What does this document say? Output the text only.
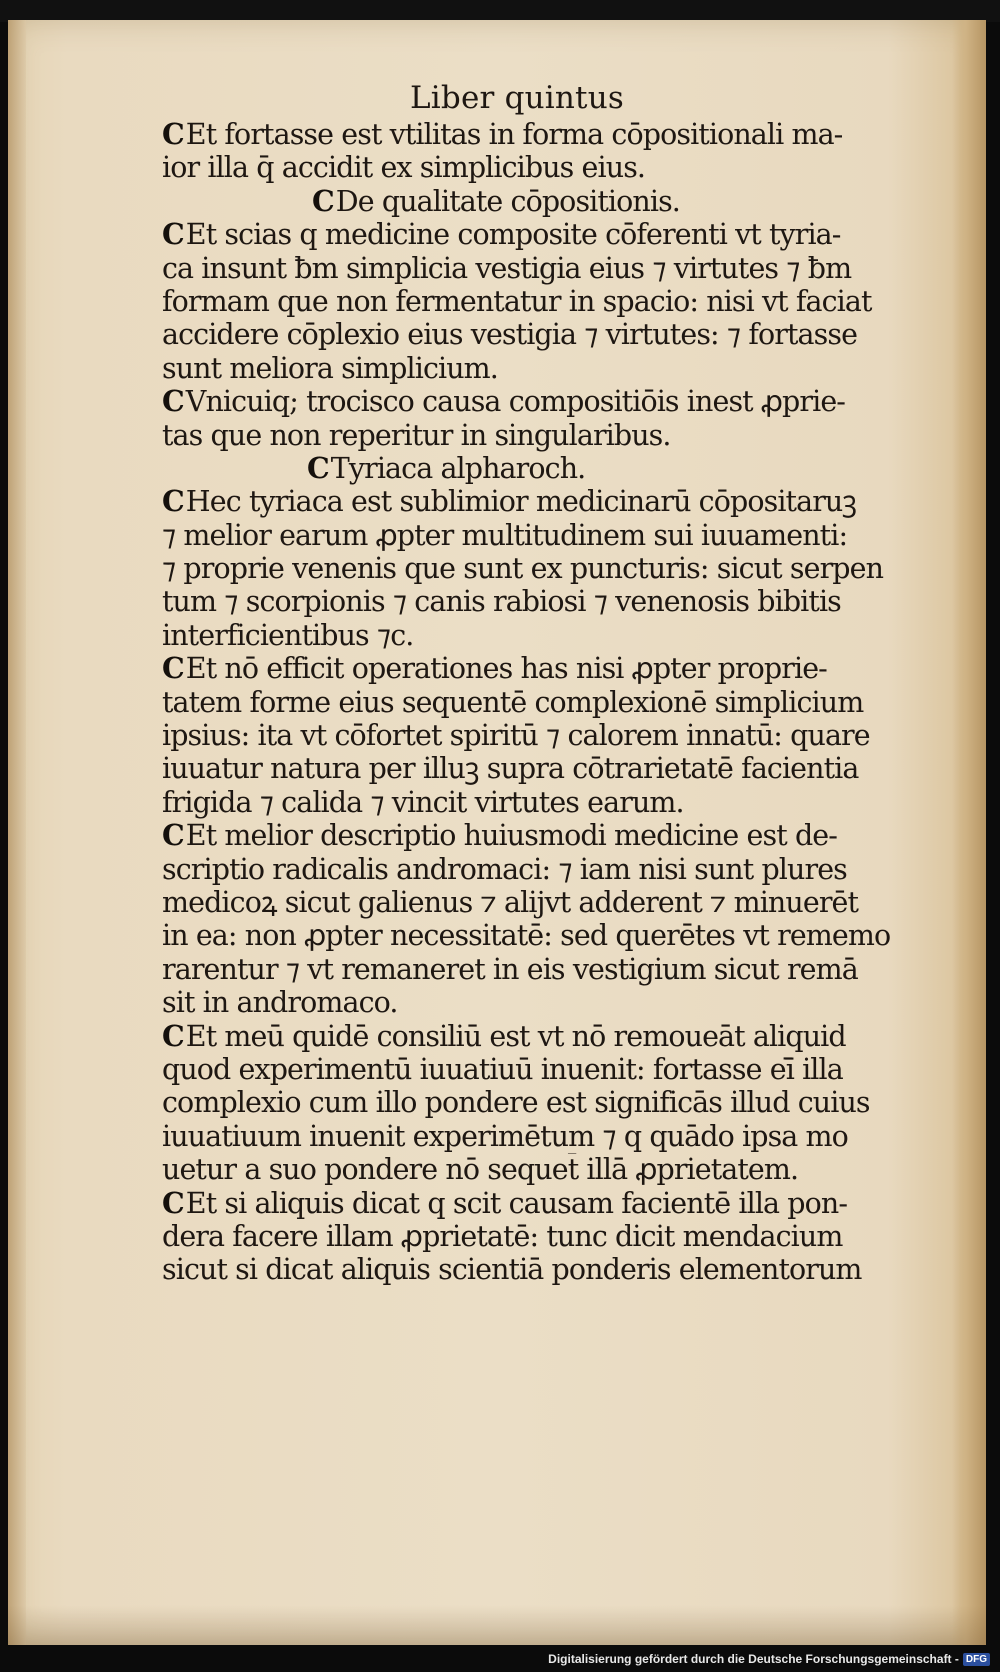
Liber quintus
CEt fortasse est vtilitas in forma cōpositionali ma-
ior illa q̄ accidit ex simplicibus eius.
CDe qualitate cōpositionis.
CEt scias q medicine composite cōferenti vt tyria-
ca insunt ƀm simplicia vestigia eius ⁊ virtutes ⁊ ƀm
formam que non fermentatur in spacio: nisi vt faciat
accidere cōplexio eius vestigia ⁊ virtutes: ⁊ fortasse
sunt meliora simplicium.
CVnicuiq; trocisco causa compositiōis inest ꝓprie-
tas que non reperitur in singularibus.
CTyriaca alpharoch.
CHec tyriaca est sublimior medicinarū cōpositaruꝫ
⁊ melior earum ꝓpter multitudinem sui iuuamenti:
⁊ proprie venenis que sunt ex puncturis: sicut serpen
tum ⁊ scorpionis ⁊ canis rabiosi ⁊ venenosis bibitis
interficientibus ⁊c.
CEt nō efficit operationes has nisi ꝓpter proprie-
tatem forme eius sequentē complexionē simplicium
ipsius: ita vt cōfortet spiritū ⁊ calorem innatū: quare
iuuatur natura per illuꝫ supra cōtrarietatē facientia
frigida ⁊ calida ⁊ vincit virtutes earum.
CEt melior descriptio huiusmodi medicine est de-
scriptio radicalis andromaci: ⁊ iam nisi sunt plures
medicoꝝ sicut galienus ⁊ alijvt adderent ⁊ minuerēt
in ea: non ꝓpter necessitatē: sed querētes vt rememo
rarentur ⁊ vt remaneret in eis vestigium sicut remā
sit in andromaco.
CEt meū quidē consiliū est vt nō remoueāt aliquid
quod experimentū iuuatiuū inuenit: fortasse eī̄ illa
complexio cum illo pondere est significās illud cuius
iuuatiuum inuenit experimētum ⁊ q quādo ipsa mo
uetur a suo pondere nō sequet̄ illā ꝓprietatem.
CEt si aliquis dicat q scit causam facientē illa pon-
dera facere illam ꝓprietatē: tunc dicit mendacium
sicut si dicat aliquis scientiā ponderis elementorum
Digitalisierung gefördert durch die Deutsche Forschungsgemeinschaft - DFG
